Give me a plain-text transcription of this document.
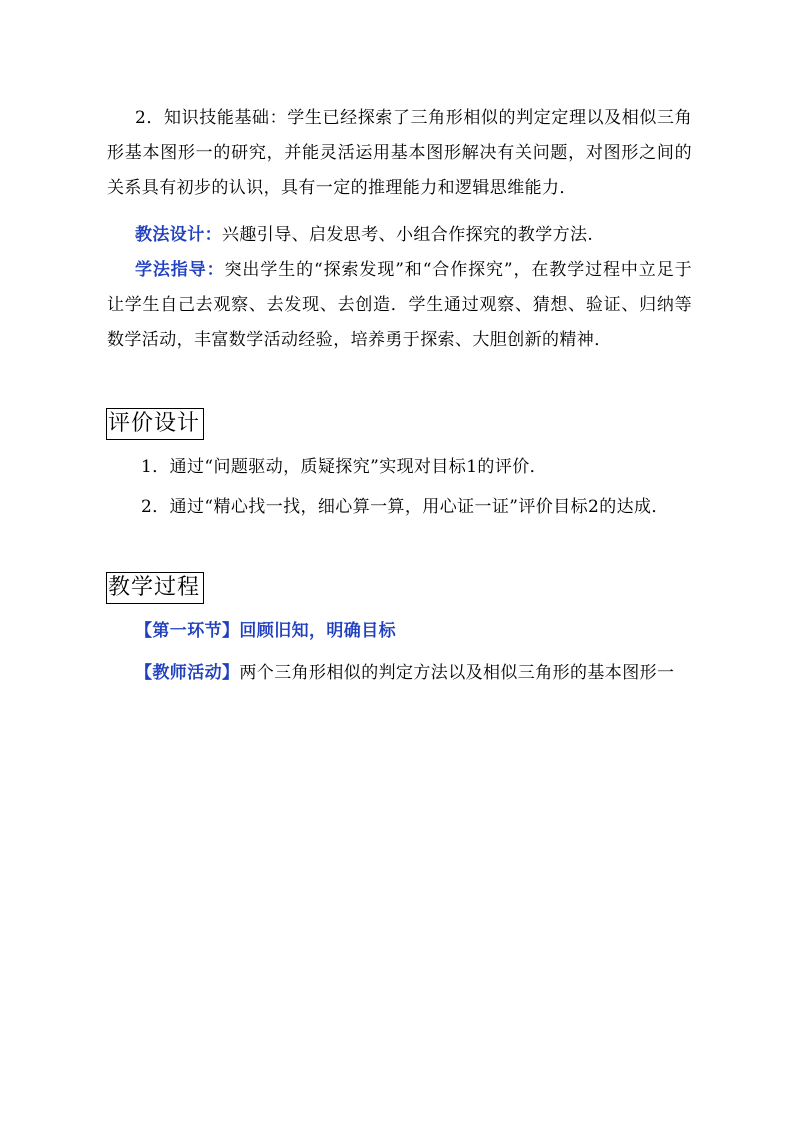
2．知识技能基础：学生已经探索了三角形相似的判定定理以及相似三角形基本图形一的研究，并能灵活运用基本图形解决有关问题，对图形之间的关系具有初步的认识，具有一定的推理能力和逻辑思维能力．

教法设计：兴趣引导、启发思考、小组合作探究的教学方法.

学法指导：突出学生的“探索发现”和“合作探究”，在教学过程中立足于让学生自己去观察、去发现、去创造．学生通过观察、猜想、验证、归纳等数学活动，丰富数学活动经验，培养勇于探索、大胆创新的精神．

评价设计

1．通过“问题驱动，质疑探究”实现对目标1的评价．

2．通过“精心找一找，细心算一算，用心证一证”评价目标2的达成．

教学过程

【第一环节】回顾旧知，明确目标

【教师活动】两个三角形相似的判定方法以及相似三角形的基本图形一
